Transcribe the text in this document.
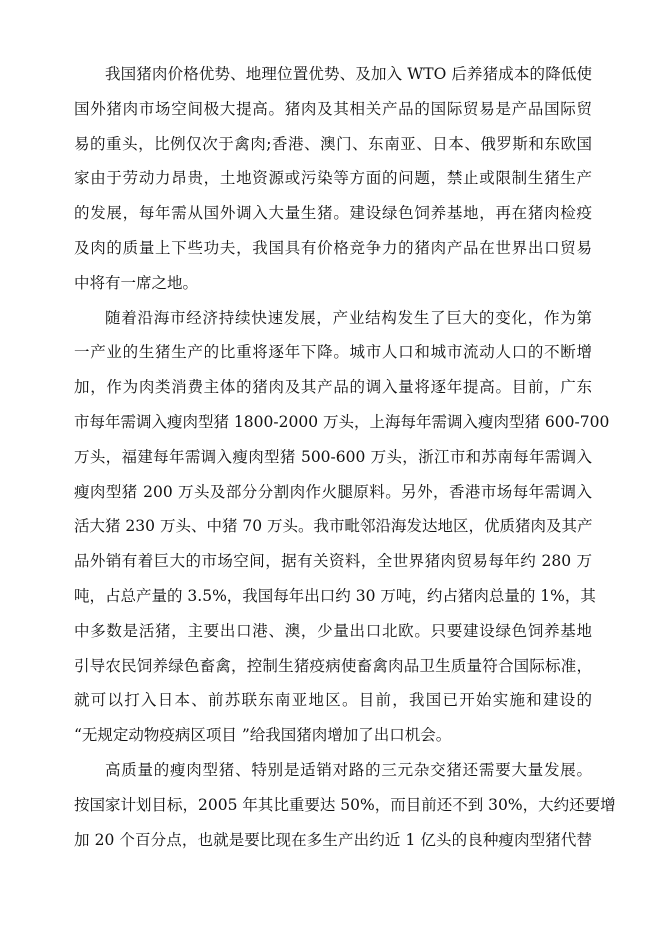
我国猪肉价格优势、地理位置优势、及加入 WTO 后养猪成本的降低使
国外猪肉市场空间极大提高。猪肉及其相关产品的国际贸易是产品国际贸
易的重头，比例仅次于禽肉;香港、澳门、东南亚、日本、俄罗斯和东欧国
家由于劳动力昂贵，土地资源或污染等方面的问题，禁止或限制生猪生产
的发展，每年需从国外调入大量生猪。建设绿色饲养基地，再在猪肉检疫
及肉的质量上下些功夫，我国具有价格竞争力的猪肉产品在世界出口贸易
中将有一席之地。
随着沿海市经济持续快速发展，产业结构发生了巨大的变化，作为第
一产业的生猪生产的比重将逐年下降。城市人口和城市流动人口的不断增
加，作为肉类消费主体的猪肉及其产品的调入量将逐年提高。目前，广东
市每年需调入瘦肉型猪 1800-2000 万头，上海每年需调入瘦肉型猪 600-700
万头，福建每年需调入瘦肉型猪 500-600 万头，浙江市和苏南每年需调入
瘦肉型猪 200 万头及部分分割肉作火腿原料。另外，香港市场每年需调入
活大猪 230 万头、中猪 70 万头。我市毗邻沿海发达地区，优质猪肉及其产
品外销有着巨大的市场空间，据有关资料，全世界猪肉贸易每年约 280 万
吨，占总产量的 3.5%，我国每年出口约 30 万吨，约占猪肉总量的 1%，其
中多数是活猪，主要出口港、澳，少量出口北欧。只要建设绿色饲养基地
引导农民饲养绿色畜禽，控制生猪疫病使畜禽肉品卫生质量符合国际标准，
就可以打入日本、前苏联东南亚地区。目前，我国已开始实施和建设的
“无规定动物疫病区项目 ”给我国猪肉增加了出口机会。
高质量的瘦肉型猪、特别是适销对路的三元杂交猪还需要大量发展。
按国家计划目标，2005 年其比重要达 50%，而目前还不到 30%，大约还要增
加 20 个百分点，也就是要比现在多生产出约近 1 亿头的良种瘦肉型猪代替
